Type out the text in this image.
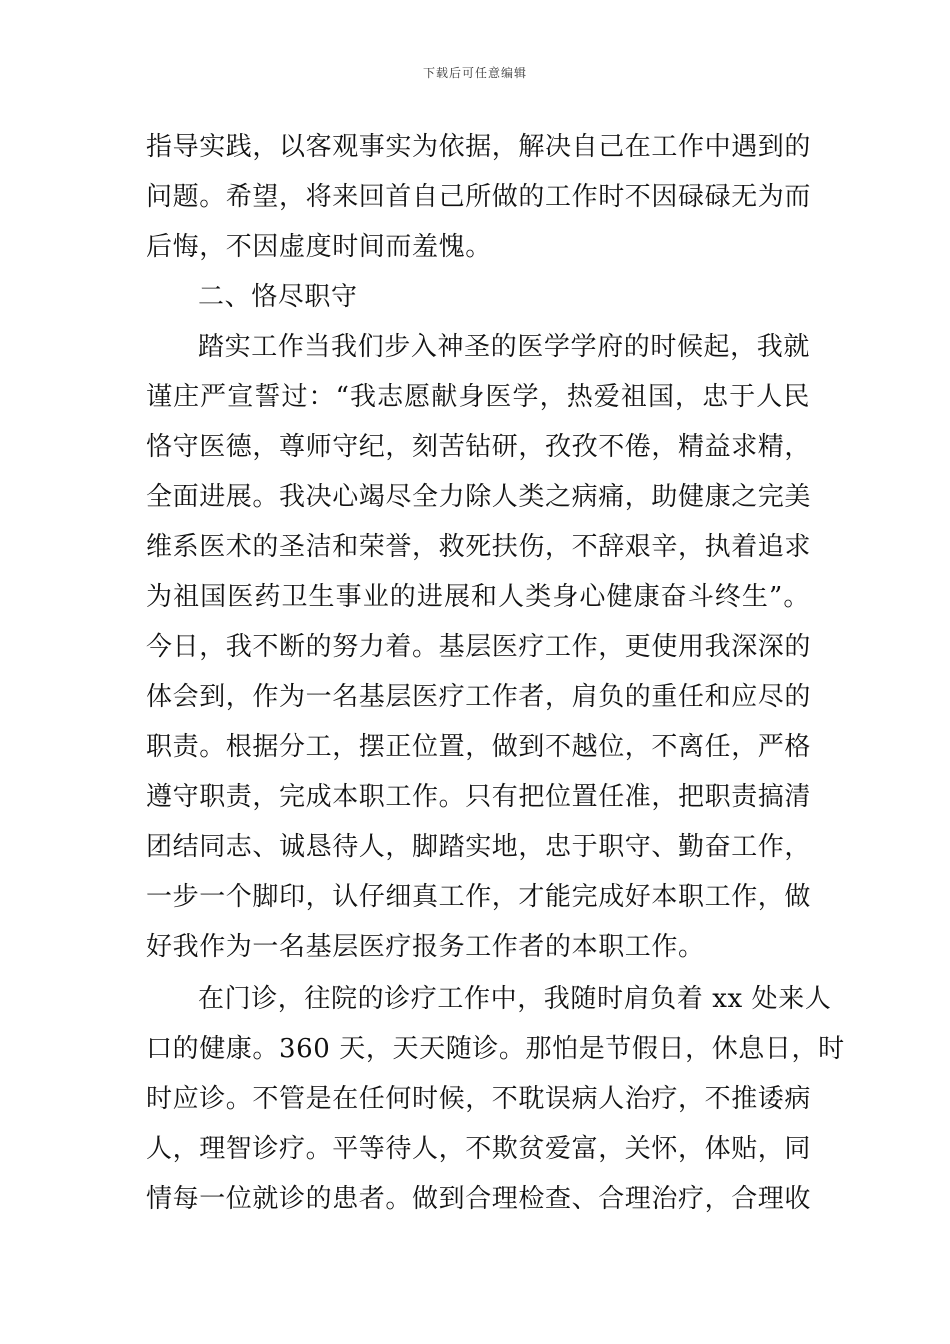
下载后可任意编辑
指导实践，以客观事实为依据，解决自己在工作中遇到的
问题。希望，将来回首自己所做的工作时不因碌碌无为而
后悔，不因虚度时间而羞愧。
二、恪尽职守
踏实工作当我们步入神圣的医学学府的时候起，我就
谨庄严宣誓过：“我志愿献身医学，热爱祖国，忠于人民
恪守医德，尊师守纪，刻苦钻研，孜孜不倦，精益求精，
全面进展。我决心竭尽全力除人类之病痛，助健康之完美
维系医术的圣洁和荣誉，救死扶伤，不辞艰辛，执着追求
为祖国医药卫生事业的进展和人类身心健康奋斗终生”。
今日，我不断的努力着。基层医疗工作，更使用我深深的
体会到，作为一名基层医疗工作者，肩负的重任和应尽的
职责。根据分工，摆正位置，做到不越位，不离任，严格
遵守职责，完成本职工作。只有把位置任准，把职责搞清
团结同志、诚恳待人，脚踏实地，忠于职守、勤奋工作，
一步一个脚印，认仔细真工作，才能完成好本职工作，做
好我作为一名基层医疗报务工作者的本职工作。
在门诊，往院的诊疗工作中，我随时肩负着 xx 处来人
口的健康。360 天，天天随诊。那怕是节假日，休息日，时
时应诊。不管是在任何时候，不耽误病人治疗，不推诿病
人，理智诊疗。平等待人，不欺贫爱富，关怀，体贴，同
情每一位就诊的患者。做到合理检查、合理治疗，合理收
